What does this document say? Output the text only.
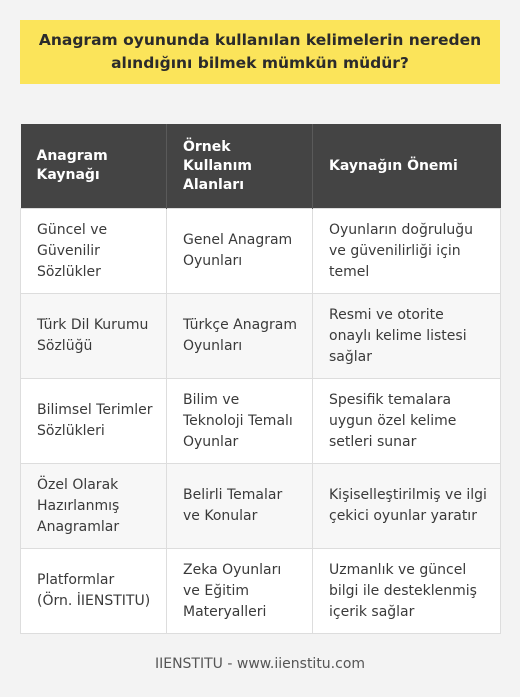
Anagram oyununda kullanılan kelimelerin nereden alındığını bilmek mümkün müdür?
Anagram Kaynağı	Örnek Kullanım Alanları	Kaynağın Önemi
Güncel ve Güvenilir Sözlükler	Genel Anagram Oyunları	Oyunların doğruluğu ve güvenilirliği için temel
Türk Dil Kurumu Sözlüğü	Türkçe Anagram Oyunları	Resmi ve otorite onaylı kelime listesi sağlar
Bilimsel Terimler Sözlükleri	Bilim ve Teknoloji Temalı Oyunlar	Spesifik temalara uygun özel kelime setleri sunar
Özel Olarak Hazırlanmış Anagramlar	Belirli Temalar ve Konular	Kişiselleştirilmiş ve ilgi çekici oyunlar yaratır
Platformlar (Örn. İIENSTITU)	Zeka Oyunları ve Eğitim Materyalleri	Uzmanlık ve güncel bilgi ile desteklenmiş içerik sağlar
IIENSTITU - www.iienstitu.com
